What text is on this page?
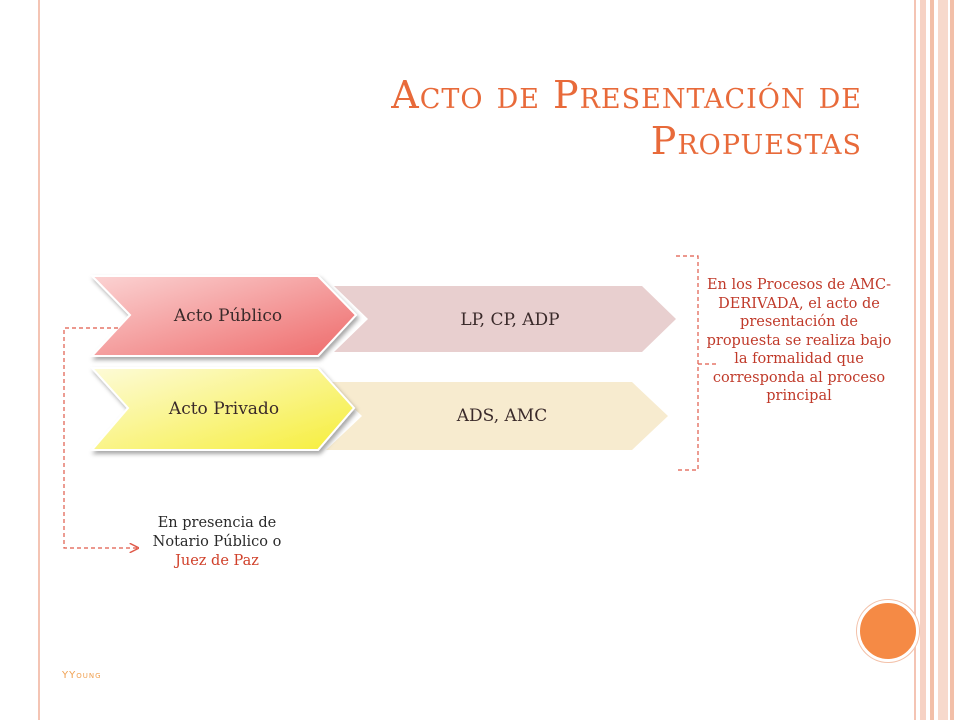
Acto de Presentación de
Propuestas
Acto Público
Acto Privado
LP, CP, ADP
ADS, AMC
En los Procesos de AMC- DERIVADA, el acto de presentación de propuesta se realiza bajo la formalidad que corresponda al proceso principal
En presencia de Notario Público o
Juez de Paz
YYoung
